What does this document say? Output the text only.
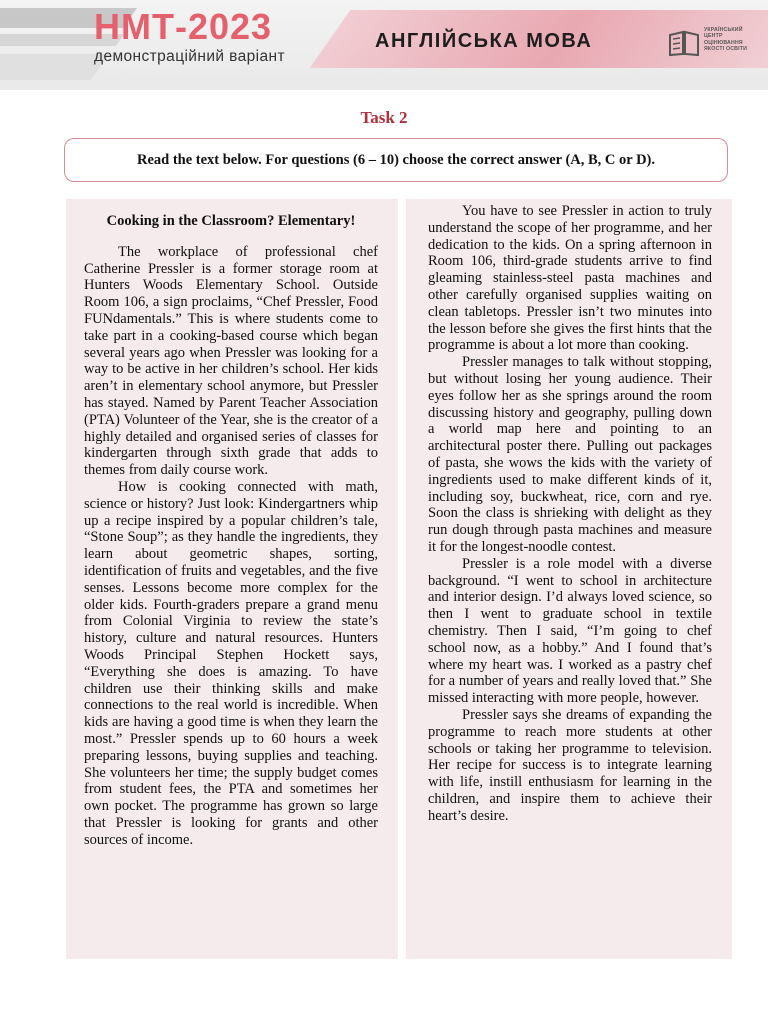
НМТ-2023
демонстраційний варіант
АНГЛІЙСЬКА МОВА	УКРАЇНСЬКИЙ
ЦЕНТР
ОЦІНЮВАННЯ
ЯКОСТІ ОСВІТИ
Task 2
Read the text below. For questions (6 – 10) choose the correct answer (A, B, C or D).
Cooking in the Classroom? Elementary!

The workplace of professional chef Catherine Pressler is a former storage room at Hunters Woods Elementary School. Outside Room 106, a sign proclaims, “Chef Pressler, Food FUNdamentals.” This is where students come to take part in a cooking-based course which began several years ago when Pressler was looking for a way to be active in her children’s school. Her kids aren’t in elementary school anymore, but Pressler has stayed. Named by Parent Teacher Association (PTA) Volunteer of the Year, she is the creator of a highly detailed and organised series of classes for kindergarten through sixth grade that adds to themes from daily course work.

How is cooking connected with math, science or history? Just look: Kindergartners whip up a recipe inspired by a popular children’s tale, “Stone Soup”; as they handle the ingredients, they learn about geometric shapes, sorting, identification of fruits and vegetables, and the five senses. Lessons become more complex for the older kids. Fourth-graders prepare a grand menu from Colonial Virginia to review the state’s history, culture and natural resources. Hunters Woods Principal Stephen Hockett says, “Everything she does is amazing. To have children use their thinking skills and make connections to the real world is incredible. When kids are having a good time is when they learn the most.” Pressler spends up to 60 hours a week preparing lessons, buying supplies and teaching. She volunteers her time; the supply budget comes from student fees, the PTA and sometimes her own pocket. The programme has grown so large that Pressler is looking for grants and other sources of income.

You have to see Pressler in action to truly understand the scope of her programme, and her dedication to the kids. On a spring afternoon in Room 106, third-grade students arrive to find gleaming stainless-steel pasta machines and other carefully organised supplies waiting on clean tabletops. Pressler isn’t two minutes into the lesson before she gives the first hints that the programme is about a lot more than cooking.

Pressler manages to talk without stopping, but without losing her young audience. Their eyes follow her as she springs around the room discussing history and geography, pulling down a world map here and pointing to an architectural poster there. Pulling out packages of pasta, she wows the kids with the variety of ingredients used to make different kinds of it, including soy, buckwheat, rice, corn and rye. Soon the class is shrieking with delight as they run dough through pasta machines and measure it for the longest-noodle contest.

Pressler is a role model with a diverse background. “I went to school in architecture and interior design. I’d always loved science, so then I went to graduate school in textile chemistry. Then I said, “I’m going to chef school now, as a hobby.” And I found that’s where my heart was. I worked as a pastry chef for a number of years and really loved that.” She missed interacting with more people, however.

Pressler says she dreams of expanding the programme to reach more students at other schools or taking her programme to television. Her recipe for success is to integrate learning with life, instill enthusiasm for learning in the children, and inspire them to achieve their heart’s desire.
